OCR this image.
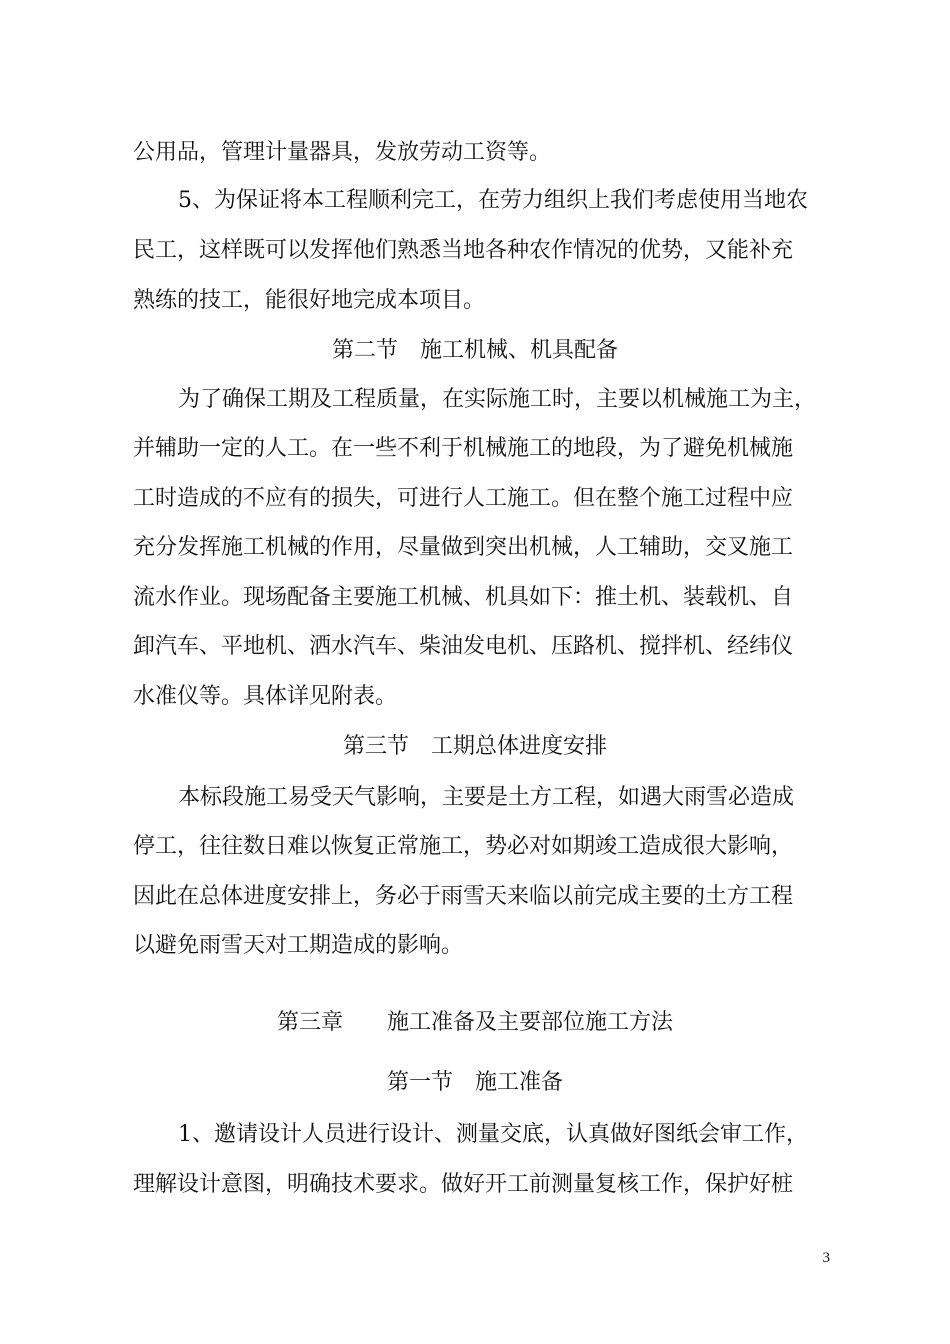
公用品，管理计量器具，发放劳动工资等。
5、为保证将本工程顺利完工，在劳力组织上我们考虑使用当地农
民工，这样既可以发挥他们熟悉当地各种农作情况的优势，又能补充
熟练的技工，能很好地完成本项目。
第二节　施工机械、机具配备
为了确保工期及工程质量，在实际施工时，主要以机械施工为主，
并辅助一定的人工。在一些不利于机械施工的地段，为了避免机械施
工时造成的不应有的损失，可进行人工施工。但在整个施工过程中应
充分发挥施工机械的作用，尽量做到突出机械，人工辅助，交叉施工
流水作业。现场配备主要施工机械、机具如下：推土机、装载机、自
卸汽车、平地机、洒水汽车、柴油发电机、压路机、搅拌机、经纬仪
水准仪等。具体详见附表。
第三节　工期总体进度安排
本标段施工易受天气影响，主要是土方工程，如遇大雨雪必造成
停工，往往数日难以恢复正常施工，势必对如期竣工造成很大影响，
因此在总体进度安排上，务必于雨雪天来临以前完成主要的土方工程
以避免雨雪天对工期造成的影响。
第三章　　施工准备及主要部位施工方法
第一节　施工准备
1、邀请设计人员进行设计、测量交底，认真做好图纸会审工作，
理解设计意图，明确技术要求。做好开工前测量复核工作，保护好桩
3
